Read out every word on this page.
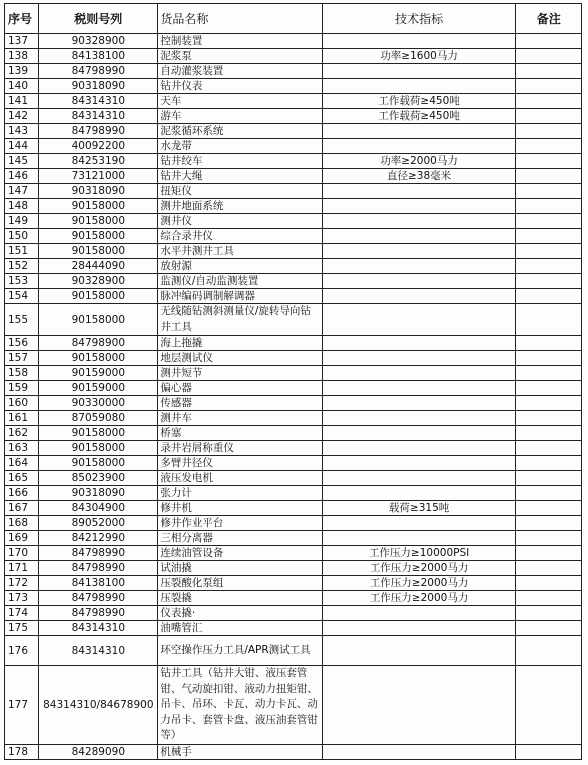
序号	税则号列	货品名称	技术指标	备注
137	90328900	控制装置		
138	84138100	泥浆泵	功率≥1600马力	
139	84798990	自动灌浆装置		
140	90318090	钻井仪表		
141	84314310	天车	工作载荷≥450吨	
142	84314310	游车	工作载荷≥450吨	
143	84798990	泥浆循环系统		
144	40092200	水龙带		
145	84253190	钻井绞车	功率≥2000马力	
146	73121000	钻井大绳	直径≥38毫米	
147	90318090	扭矩仪		
148	90158000	测井地面系统		
149	90158000	测井仪		
150	90158000	综合录井仪		
151	90158000	水平井测井工具		
152	28444090	放射源		
153	90328900	监测仪/自动监测装置		
154	90158000	脉冲编码调制解调器		
155	90158000	无线随钻测斜测量仪/旋转导向钻井工具		
156	84798900	海上拖撬		
157	90158000	地层测试仪		
158	90159000	测井短节		
159	90159000	偏心器		
160	90330000	传感器		
161	87059080	测井车		
162	90158000	桥塞		
163	90158000	录井岩屑称重仪		
164	90158000	多臂井径仪		
165	85023900	液压发电机		
166	90318090	张力计		
167	84304900	修井机	载荷≥315吨	
168	89052000	修井作业平台		
169	84212990	三相分离器		
170	84798990	连续油管设备	工作压力≥10000PSI	
171	84798990	试油撬	工作压力≥2000马力	
172	84138100	压裂酸化泵组	工作压力≥2000马力	
173	84798990	压裂撬	工作压力≥2000马力	
174	84798990	仪表撬·		
175	84314310	油嘴管汇		
176	84314310	环空操作压力工具/APR测试工具		
177	84314310/84678900	钻井工具（钻井大钳、液压套管钳、气动旋扣钳、液动力扭矩钳、吊卡、吊环、卡瓦、动力卡瓦、动力吊卡、套管卡盘、液压油套管钳等）		
178	84289090	机械手		
